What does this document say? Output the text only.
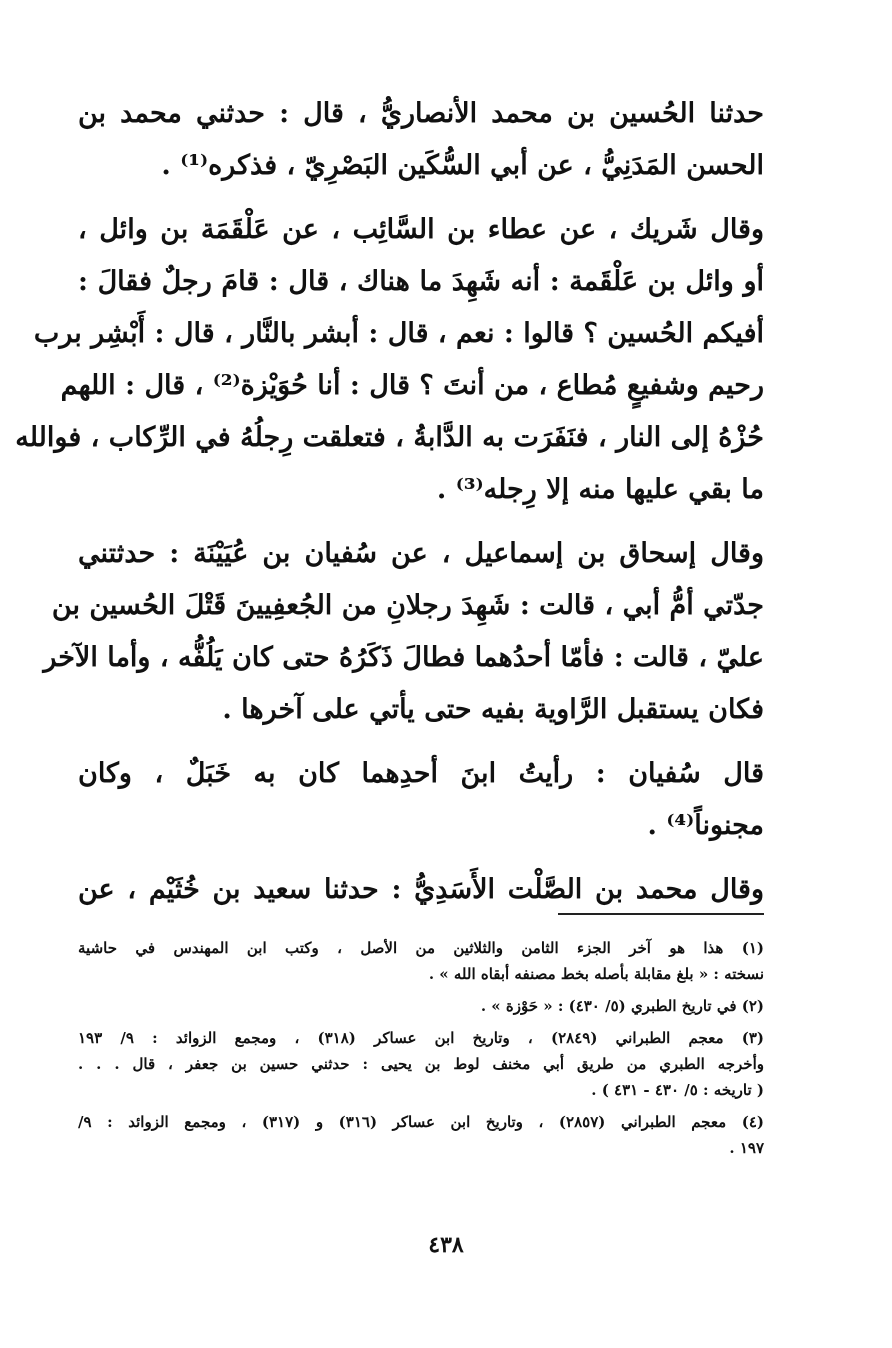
حدثنا الحُسين بن محمد الأنصاريُّ ، قال : حدثني محمد بن
الحسن المَدَنِيُّ ، عن أبي السُّكَين البَصْرِيّ ، فذكره⁽¹⁾ .
وقال شَريك ، عن عطاء بن السَّائِب ، عن عَلْقَمَة بن وائل ،
أو وائل بن عَلْقَمة : أنه شَهِدَ ما هناك ، قال : قامَ رجلٌ فقالَ :
أفيكم الحُسين ؟ قالوا : نعم ، قال : أبشر بالنَّار ، قال : أَبْشِر برب
رحيم وشفيعٍ مُطاع ، من أنتَ ؟ قال : أنا حُوَيْزة⁽²⁾ ، قال : اللهم
حُزْهُ إلى النار ، فنَفَرَت به الدَّابةُ ، فتعلقت رِجلُهُ في الرِّكاب ، فوالله
ما بقي عليها منه إلا رِجله⁽³⁾ .
وقال إسحاق بن إسماعيل ، عن سُفيان بن عُيَيْنَة : حدثتني
جدّتي أمُّ أبي ، قالت : شَهِدَ رجلانِ من الجُعفِيينَ قَتْلَ الحُسين بن
عليّ ، قالت : فأمّا أحدُهما فطالَ ذَكَرُهُ حتى كان يَلُفُّه ، وأما الآخر
فكان يستقبل الرَّاوية بفيه حتى يأتي على آخرها .
قال سُفيان : رأيتُ ابنَ أحدِهما كان به خَبَلٌ ، وكان
مجنوناً⁽⁴⁾ .
وقال محمد بن الصَّلْت الأَسَدِيُّ : حدثنا سعيد بن خُثَيْم ، عن
(١) هذا هو آخر الجزء الثامن والثلاثين من الأصل ، وكتب ابن المهندس في حاشية
نسخته : « بلغ مقابلة بأصله بخط مصنفه أبقاه الله » .
(٢) في تاريخ الطبري (٥/ ٤٣٠) : « حَوْزة » .
(٣) معجم الطبراني (٢٨٤٩) ، وتاريخ ابن عساكر (٣١٨) ، ومجمع الزوائد : ٩/ ١٩٣
وأخرجه الطبري من طريق أبي مخنف لوط بن يحيى : حدثني حسين بن جعفر ، قال . . .
( تاريخه : ٥/ ٤٣٠ - ٤٣١ ) .
(٤) معجم الطبراني (٢٨٥٧) ، وتاريخ ابن عساكر (٣١٦) و (٣١٧) ، ومجمع الزوائد : ٩/
١٩٧ .
٤٣٨
